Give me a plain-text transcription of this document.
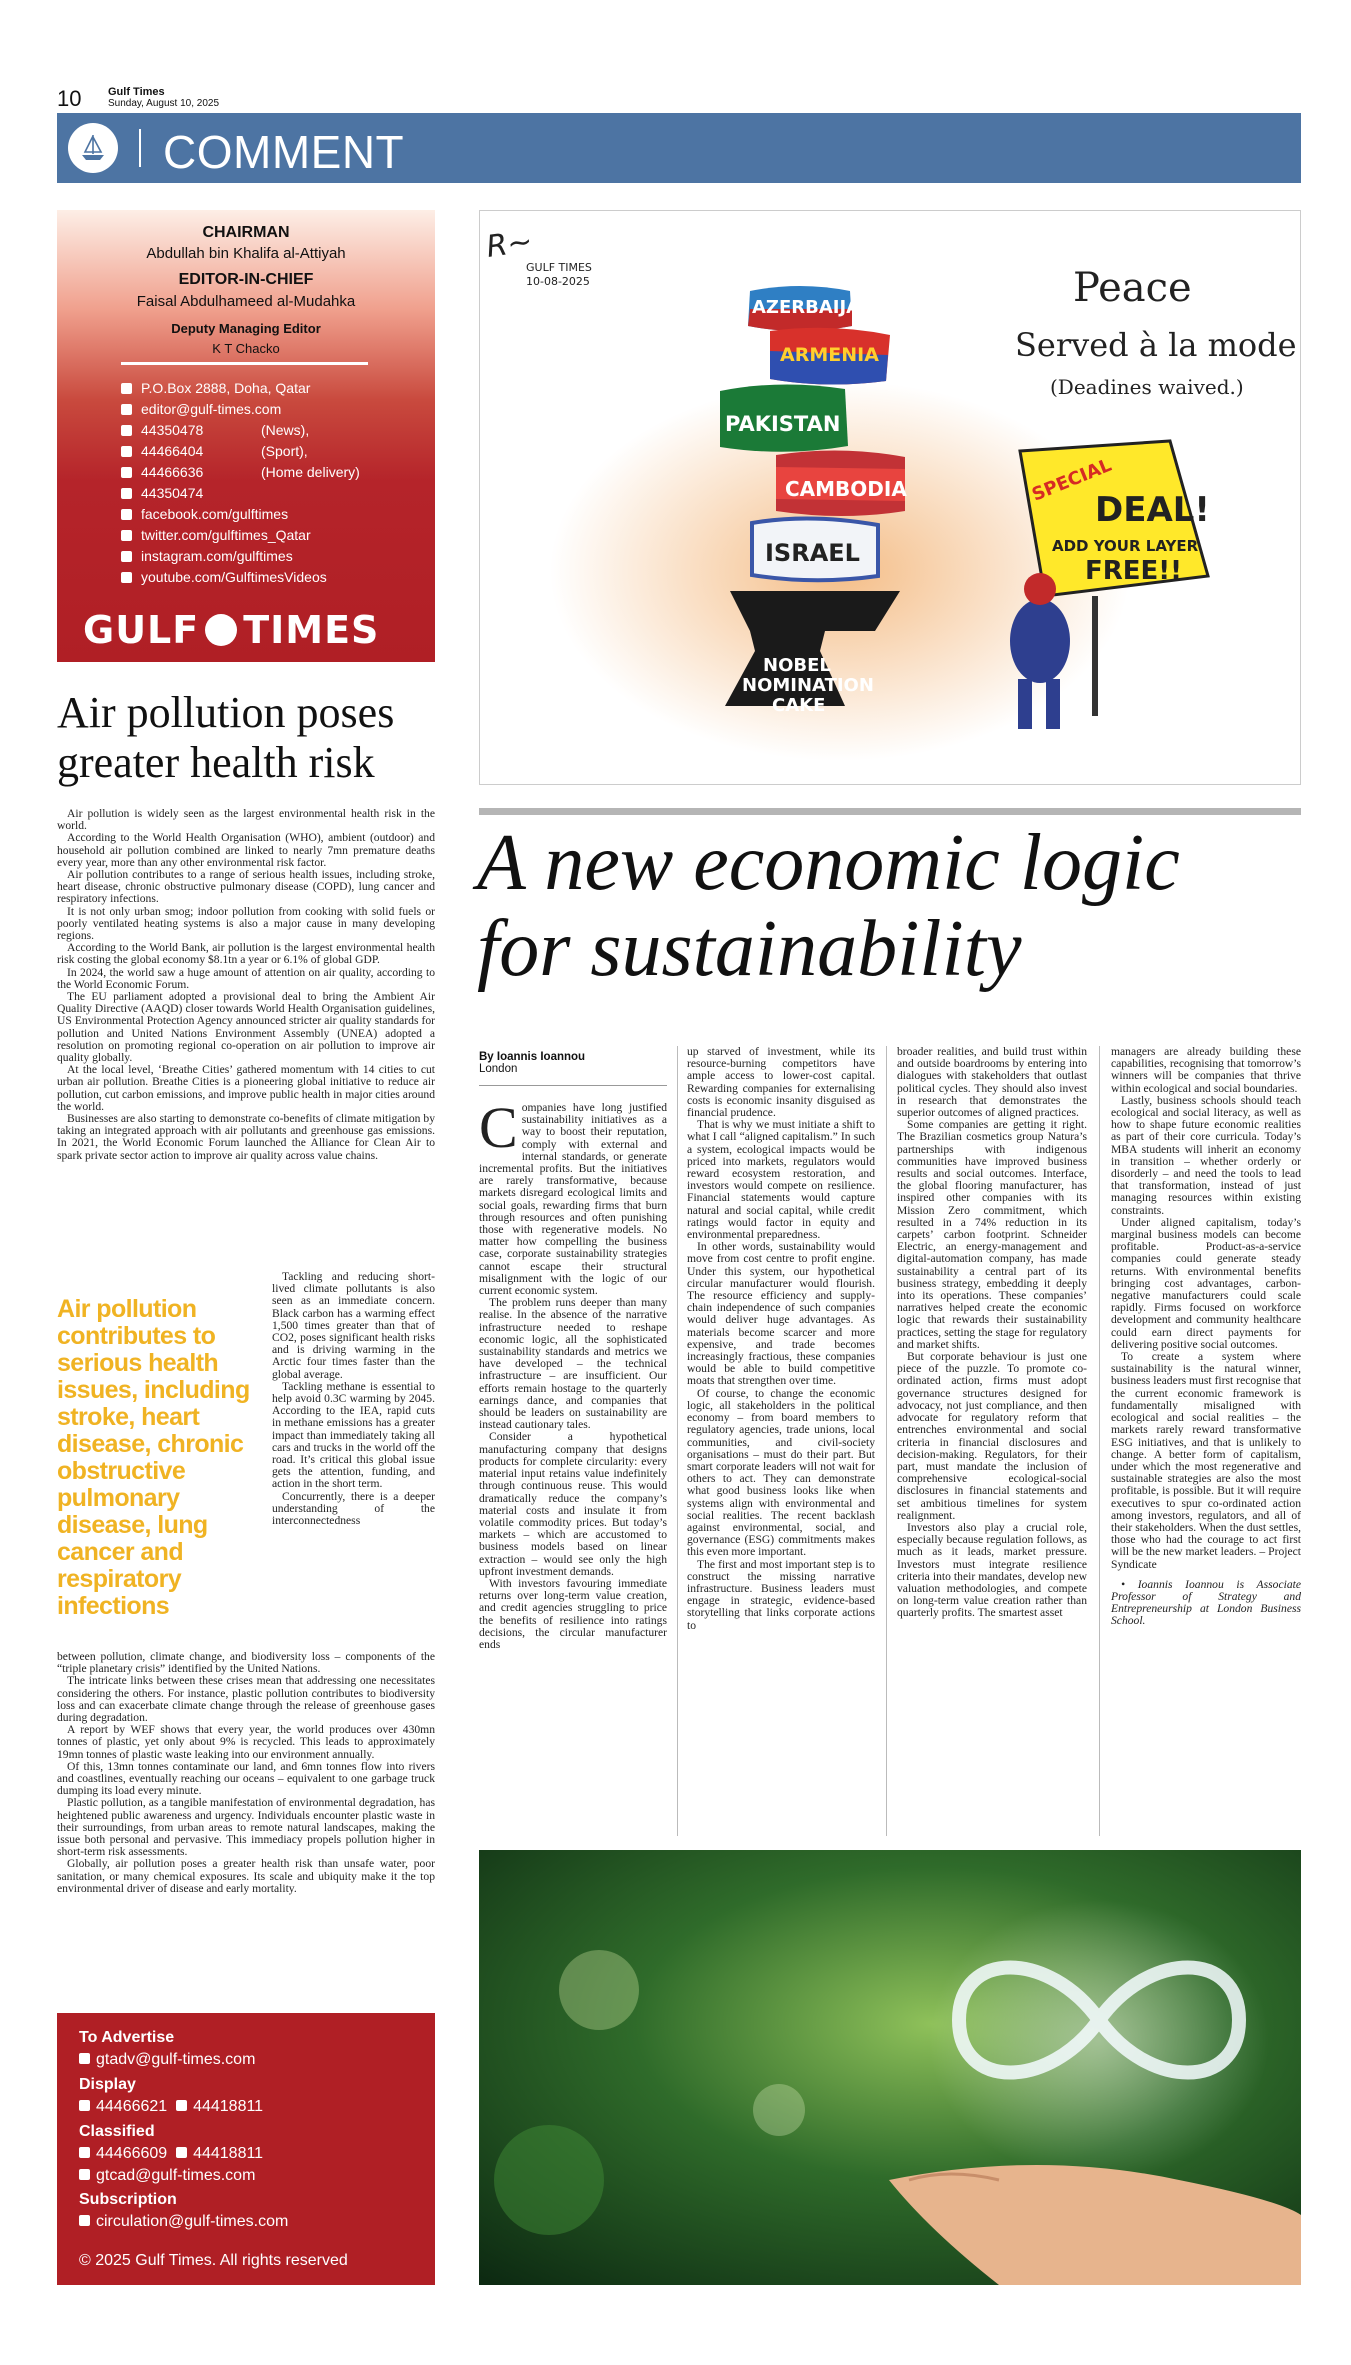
10 Gulf Times
Sunday, August 10, 2025
COMMENT
CHAIRMAN
Abdullah bin Khalifa al-Attiyah
EDITOR-IN-CHIEF
Faisal Abdulhameed al-Mudahka
Deputy Managing Editor
K T Chacko
P.O.Box 2888, Doha, Qatar
editor@gulf-times.com
44350478	(News),
44466404	(Sport),
44466636	(Home delivery)
44350474
facebook.com/gulftimes
twitter.com/gulftimes_Qatar
instagram.com/gulftimes
youtube.com/GulftimesVideos
GULF TIMES
R~
GULF TIMES
10-08-2025	Peace
Served à la mode
(Deadines waived.)
AZERBAIJAN
ARMENIA
PAKISTAN
CAMBODIA
ISRAEL
NOBEL
NOMINATION
CAKE
SPECIAL
DEAL!
ADD YOUR LAYER
FREE!!
Air pollution poses
greater health risk
A new economic logic
for sustainability

Air pollution is widely seen as the largest environmental health risk in the world.

According to the World Health Organisation (WHO), ambient (outdoor) and household air pollution combined are linked to nearly 7mn premature deaths every year, more than any other environmental risk factor.

Air pollution contributes to a range of serious health issues, including stroke, heart disease, chronic obstructive pulmonary disease (COPD), lung cancer and respiratory infections.

It is not only urban smog; indoor pollution from cooking with solid fuels or poorly ventilated heating systems is also a major cause in many developing regions.

According to the World Bank, air pollution is the largest environmental health risk costing the global economy $8.1tn a year or 6.1% of global GDP.

In 2024, the world saw a huge amount of attention on air quality, according to the World Economic Forum.

The EU parliament adopted a provisional deal to bring the Ambient Air Quality Directive (AAQD) closer towards World Health Organisation guidelines, US Environmental Protection Agency announced stricter air quality standards for pollution and United Nations Environment Assembly (UNEA) adopted a resolution on promoting regional co-operation on air pollution to improve air quality globally.

At the local level, ‘Breathe Cities’ gathered momentum with 14 cities to cut urban air pollution. Breathe Cities is a pioneering global initiative to reduce air pollution, cut carbon emissions, and improve public health in major cities around the world.

Businesses are also starting to demonstrate co-benefits of climate mitigation by taking an integrated approach with air pollutants and greenhouse gas emissions. In 2021, the World Economic Forum launched the Alliance for Clean Air to spark private sector action to improve air quality across value chains.

Air pollution contributes to serious health issues, including stroke, heart disease, chronic obstructive pulmonary disease, lung cancer and respiratory infections

Tackling and reducing short-lived climate pollutants is also seen as an immediate concern. Black carbon has a warming effect 1,500 times greater than that of CO2, poses significant health risks and is driving warming in the Arctic four times faster than the global average.

Tackling methane is essential to help avoid 0.3C warming by 2045. According to the IEA, rapid cuts in methane emissions has a greater impact than immediately taking all cars and trucks in the world off the road. It’s critical this global issue gets the attention, funding, and action in the short term.

Concurrently, there is a deeper understanding of the interconnectedness

between pollution, climate change, and biodiversity loss – components of the “triple planetary crisis” identified by the United Nations.

The intricate links between these crises mean that addressing one necessitates considering the others. For instance, plastic pollution contributes to biodiversity loss and can exacerbate climate change through the release of greenhouse gases during degradation.

A report by WEF shows that every year, the world produces over 430mn tonnes of plastic, yet only about 9% is recycled. This leads to approximately 19mn tonnes of plastic waste leaking into our environment annually.

Of this, 13mn tonnes contaminate our land, and 6mn tonnes flow into rivers and coastlines, eventually reaching our oceans – equivalent to one garbage truck dumping its load every minute.

Plastic pollution, as a tangible manifestation of environmental degradation, has heightened public awareness and urgency. Individuals encounter plastic waste in their surroundings, from urban areas to remote natural landscapes, making the issue both personal and pervasive. This immediacy propels pollution higher in short-term risk assessments.

Globally, air pollution poses a greater health risk than unsafe water, poor sanitation, or many chemical exposures. Its scale and ubiquity make it the top environmental driver of disease and early mortality.

By Ioannis Ioannou
London

Companies have long justified sustainability initiatives as a way to boost their reputation, comply with external and internal standards, or generate incremental profits. But the initiatives are rarely transformative, because markets disregard ecological limits and social goals, rewarding firms that burn through resources and often punishing those with regenerative models. No matter how compelling the business case, corporate sustainability strategies cannot escape their structural misalignment with the logic of our current economic system.

The problem runs deeper than many realise. In the absence of the narrative infrastructure needed to reshape economic logic, all the sophisticated sustainability standards and metrics we have developed – the technical infrastructure – are insufficient. Our efforts remain hostage to the quarterly earnings dance, and companies that should be leaders on sustainability are instead cautionary tales.

Consider a hypothetical manufacturing company that designs products for complete circularity: every material input retains value indefinitely through continuous reuse. This would dramatically reduce the company’s material costs and insulate it from volatile commodity prices. But today’s markets – which are accustomed to business models based on linear extraction – would see only the high upfront investment demands.

With investors favouring immediate returns over long-term value creation, and credit agencies struggling to price the benefits of resilience into ratings decisions, the circular manufacturer ends

up starved of investment, while its resource-burning competitors have ample access to lower-cost capital. Rewarding companies for externalising costs is economic insanity disguised as financial prudence.

That is why we must initiate a shift to what I call “aligned capitalism.” In such a system, ecological impacts would be priced into markets, regulators would reward ecosystem restoration, and investors would compete on resilience. Financial statements would capture natural and social capital, while credit ratings would factor in equity and environmental preparedness.

In other words, sustainability would move from cost centre to profit engine. Under this system, our hypothetical circular manufacturer would flourish. The resource efficiency and supply-chain independence of such companies would deliver huge advantages. As materials become scarcer and more expensive, and trade becomes increasingly fractious, these companies would be able to build competitive moats that strengthen over time.

Of course, to change the economic logic, all stakeholders in the political economy – from board members to regulatory agencies, trade unions, local communities, and civil-society organisations – must do their part. But smart corporate leaders will not wait for others to act. They can demonstrate what good business looks like when systems align with environmental and social realities. The recent backlash against environmental, social, and governance (ESG) commitments makes this even more important.

The first and most important step is to construct the missing narrative infrastructure. Business leaders must engage in strategic, evidence-based storytelling that links corporate actions to

broader realities, and build trust within and outside boardrooms by entering into dialogues with stakeholders that outlast political cycles. They should also invest in research that demonstrates the superior outcomes of aligned practices.

Some companies are getting it right. The Brazilian cosmetics group Natura’s partnerships with indigenous communities have improved business results and social outcomes. Interface, the global flooring manufacturer, has inspired other companies with its Mission Zero commitment, which resulted in a 74% reduction in its carpets’ carbon footprint. Schneider Electric, an energy-management and digital-automation company, has made sustainability a central part of its business strategy, embedding it deeply into its operations. These companies’ narratives helped create the economic logic that rewards their sustainability practices, setting the stage for regulatory and market shifts.

But corporate behaviour is just one piece of the puzzle. To promote co-ordinated action, firms must adopt governance structures designed for advocacy, not just compliance, and then advocate for regulatory reform that entrenches environmental and social criteria in financial disclosures and decision-making. Regulators, for their part, must mandate the inclusion of comprehensive ecological-social disclosures in financial statements and set ambitious timelines for system realignment.

Investors also play a crucial role, especially because regulation follows, as much as it leads, market pressure. Investors must integrate resilience criteria into their mandates, develop new valuation methodologies, and compete on long-term value creation rather than quarterly profits. The smartest asset

managers are already building these capabilities, recognising that tomorrow’s winners will be companies that thrive within ecological and social boundaries.

Lastly, business schools should teach ecological and social literacy, as well as how to shape future economic realities as part of their core curricula. Today’s MBA students will inherit an economy in transition – whether orderly or disorderly – and need the tools to lead that transformation, instead of just managing resources within existing constraints.

Under aligned capitalism, today’s marginal business models can become profitable. Product-as-a-service companies could generate steady returns. With environmental benefits bringing cost advantages, carbon-negative manufacturers could scale rapidly. Firms focused on workforce development and community healthcare could earn direct payments for delivering positive social outcomes.

To create a system where sustainability is the natural winner, business leaders must first recognise that the current economic framework is fundamentally misaligned with ecological and social realities – the markets rarely reward transformative ESG initiatives, and that is unlikely to change. A better form of capitalism, under which the most regenerative and sustainable strategies are also the most profitable, is possible. But it will require executives to spur co-ordinated action among investors, regulators, and all of their stakeholders. When the dust settles, those who had the courage to act first will be the new market leaders. – Project Syndicate

• Ioannis Ioannou is Associate Professor of Strategy and Entrepreneurship at London Business School.

To Advertise
gtadv@gulf-times.com
Display
44466621 44418811
Classified
44466609 44418811
gtcad@gulf-times.com
Subscription
circulation@gulf-times.com
© 2025 Gulf Times. All rights reserved
